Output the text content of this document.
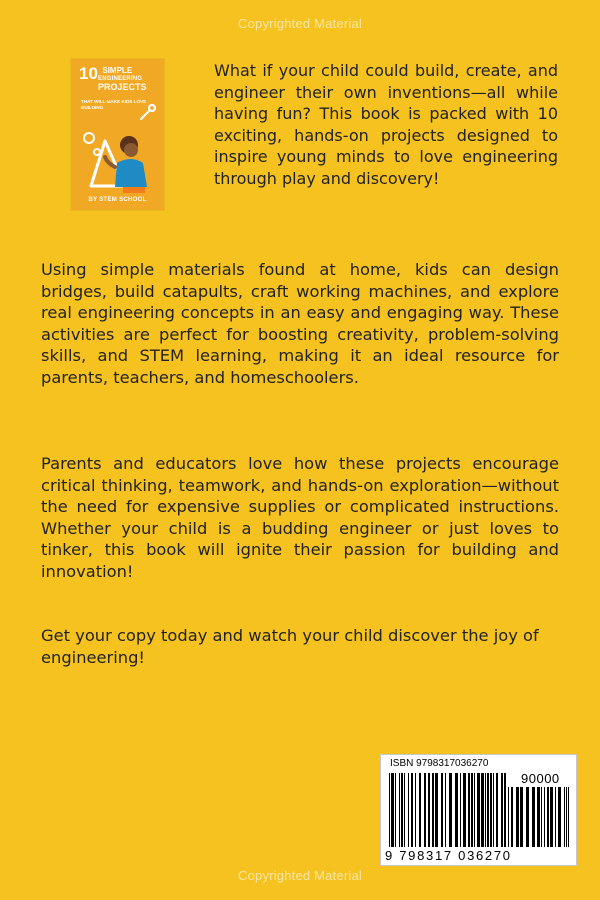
Copyrighted Material
10 SIMPLE
ENGINEERING
PROJECTS
THAT WILL MAKE KIDS LOVE BUILDING
BY STEM SCHOOL

What if your child could build, create, and engineer their own inventions—all while having fun? This book is packed with 10 exciting, hands-on projects designed to inspire young minds to love engineering through play and discovery!

Using simple materials found at home, kids can design bridges, build catapults, craft working machines, and explore real engineering concepts in an easy and engaging way. These activities are perfect for boosting creativity, problem-solving skills, and STEM learning, making it an ideal resource for parents, teachers, and homeschoolers.

Parents and educators love how these projects encourage critical thinking, teamwork, and hands-on exploration—without the need for expensive supplies or complicated instructions. Whether your child is a budding engineer or just loves to tinker, this book will ignite their passion for building and innovation!

Get your copy today and watch your child discover the joy of engineering!

ISBN 9798317036270
90000
9 798317 036270
Copyrighted Material
